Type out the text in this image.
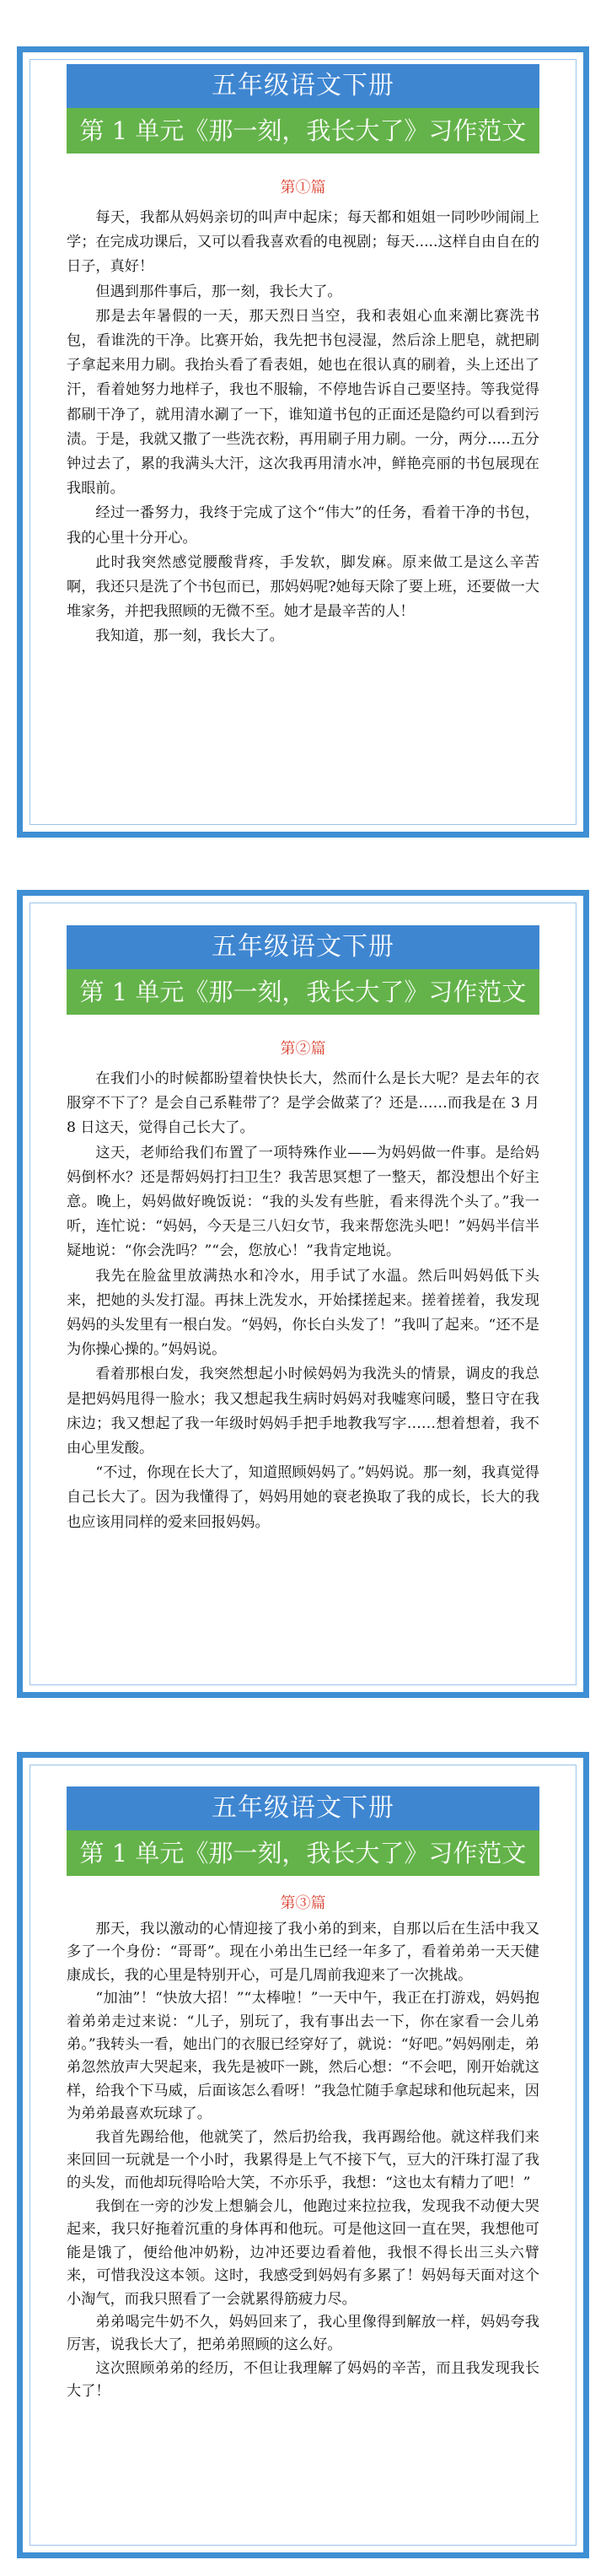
五年级语文下册
第 1 单元《那一刻，我长大了》习作范文
第①篇

每天，我都从妈妈亲切的叫声中起床；每天都和姐姐一同吵吵闹闹上学；在完成功课后，又可以看我喜欢看的电视剧；每天.....这样自由自在的日子，真好！

但遇到那件事后，那一刻，我长大了。

那是去年暑假的一天，那天烈日当空，我和表姐心血来潮比赛洗书包，看谁洗的干净。比赛开始，我先把书包浸湿，然后涂上肥皂，就把刷子拿起来用力刷。我抬头看了看表姐，她也在很认真的刷着，头上还出了汗，看着她努力地样子，我也不服输，不停地告诉自己要坚持。等我觉得都刷干净了，就用清水涮了一下，谁知道书包的正面还是隐约可以看到污渍。于是，我就又撒了一些洗衣粉，再用刷子用力刷。一分，两分.....五分钟过去了，累的我满头大汗，这次我再用清水冲，鲜艳亮丽的书包展现在我眼前。

经过一番努力，我终于完成了这个“伟大”的任务，看着干净的书包，我的心里十分开心。

此时我突然感觉腰酸背疼，手发软，脚发麻。原来做工是这么辛苦啊，我还只是洗了个书包而已，那妈妈呢?她每天除了要上班，还要做一大堆家务，并把我照顾的无微不至。她才是最辛苦的人！

我知道，那一刻，我长大了。

五年级语文下册
第 1 单元《那一刻，我长大了》习作范文
第②篇

在我们小的时候都盼望着快快长大，然而什么是长大呢？是去年的衣服穿不下了？是会自己系鞋带了？是学会做菜了？还是……而我是在 3 月 8 日这天，觉得自己长大了。

这天，老师给我们布置了一项特殊作业——为妈妈做一件事。是给妈妈倒杯水？还是帮妈妈打扫卫生？我苦思冥想了一整天，都没想出个好主意。晚上，妈妈做好晚饭说：“我的头发有些脏，看来得洗个头了。”我一听，连忙说：“妈妈，今天是三八妇女节，我来帮您洗头吧！”妈妈半信半疑地说：“你会洗吗？”“会，您放心！”我肯定地说。

我先在脸盆里放满热水和冷水，用手试了水温。然后叫妈妈低下头来，把她的头发打湿。再抹上洗发水，开始揉搓起来。搓着搓着，我发现妈妈的头发里有一根白发。“妈妈，你长白头发了！”我叫了起来。“还不是为你操心操的。”妈妈说。

看着那根白发，我突然想起小时候妈妈为我洗头的情景，调皮的我总是把妈妈甩得一脸水；我又想起我生病时妈妈对我嘘寒问暖，整日守在我床边；我又想起了我一年级时妈妈手把手地教我写字……想着想着，我不由心里发酸。

“不过，你现在长大了，知道照顾妈妈了。”妈妈说。那一刻，我真觉得自己长大了。因为我懂得了，妈妈用她的衰老换取了我的成长，长大的我也应该用同样的爱来回报妈妈。

五年级语文下册
第 1 单元《那一刻，我长大了》习作范文
第③篇

那天，我以激动的心情迎接了我小弟的到来，自那以后在生活中我又多了一个身份：“哥哥”。现在小弟出生已经一年多了，看着弟弟一天天健康成长，我的心里是特别开心，可是几周前我迎来了一次挑战。

“加油”！“快放大招！”“太棒啦！”一天中午，我正在打游戏，妈妈抱着弟弟走过来说：“儿子，别玩了，我有事出去一下，你在家看一会儿弟弟。”我转头一看，她出门的衣服已经穿好了，就说：“好吧。”妈妈刚走，弟弟忽然放声大哭起来，我先是被吓一跳，然后心想：“不会吧，刚开始就这样，给我个下马威，后面该怎么看呀！”我急忙随手拿起球和他玩起来，因为弟弟最喜欢玩球了。

我首先踢给他，他就笑了，然后扔给我，我再踢给他。就这样我们来来回回一玩就是一个小时，我累得是上气不接下气，豆大的汗珠打湿了我的头发，而他却玩得哈哈大笑，不亦乐乎，我想：“这也太有精力了吧！”

我倒在一旁的沙发上想躺会儿，他跑过来拉拉我，发现我不动便大哭起来，我只好拖着沉重的身体再和他玩。可是他这回一直在哭，我想他可能是饿了，便给他冲奶粉，边冲还要边看着他，我恨不得长出三头六臂来，可惜我没这本领。这时，我感受到妈妈有多累了！妈妈每天面对这个小淘气，而我只照看了一会就累得筋疲力尽。

弟弟喝完牛奶不久，妈妈回来了，我心里像得到解放一样，妈妈夸我厉害，说我长大了，把弟弟照顾的这么好。

这次照顾弟弟的经历，不但让我理解了妈妈的辛苦，而且我发现我长大了！
